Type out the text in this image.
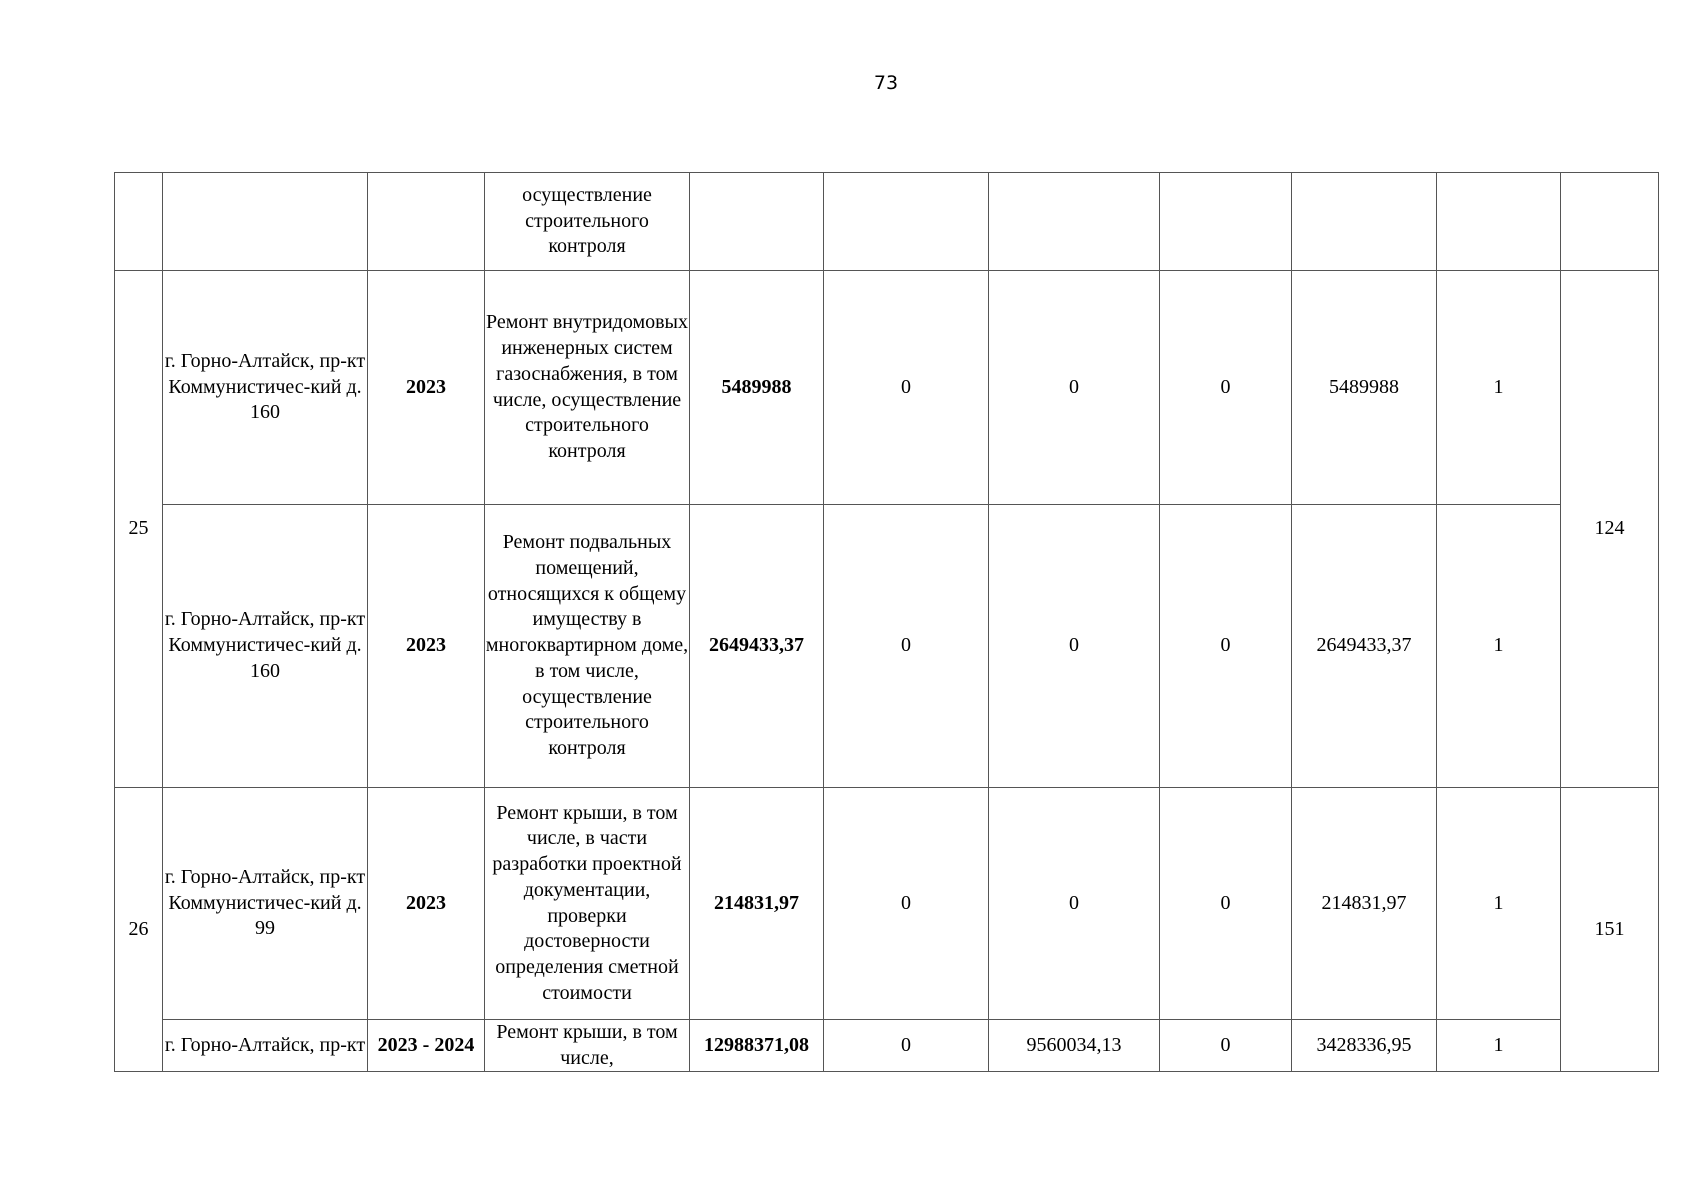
73
			осуществление строительного контроля							
25	г. Горно-Алтайск, пр-кт Коммунистичес-кий д. 160	2023	Ремонт внутридомовых инженерных систем газоснабжения, в том числе, осуществление строительного контроля	5489988	0	0	0	5489988	1	124
	г. Горно-Алтайск, пр-кт Коммунистичес-кий д. 160	2023	Ремонт подвальных помещений, относящихся к общему имуществу в многоквартирном доме, в том числе, осуществление строительного контроля	2649433,37	0	0	0	2649433,37	1	
26	г. Горно-Алтайск, пр-кт Коммунистичес-кий д. 99	2023	Ремонт крыши, в том числе, в части разработки проектной документации, проверки достоверности определения сметной стоимости	214831,97	0	0	0	214831,97	1	151
	г. Горно-Алтайск, пр-кт	2023 - 2024	Ремонт крыши, в том числе,	12988371,08	0	9560034,13	0	3428336,95	1	
